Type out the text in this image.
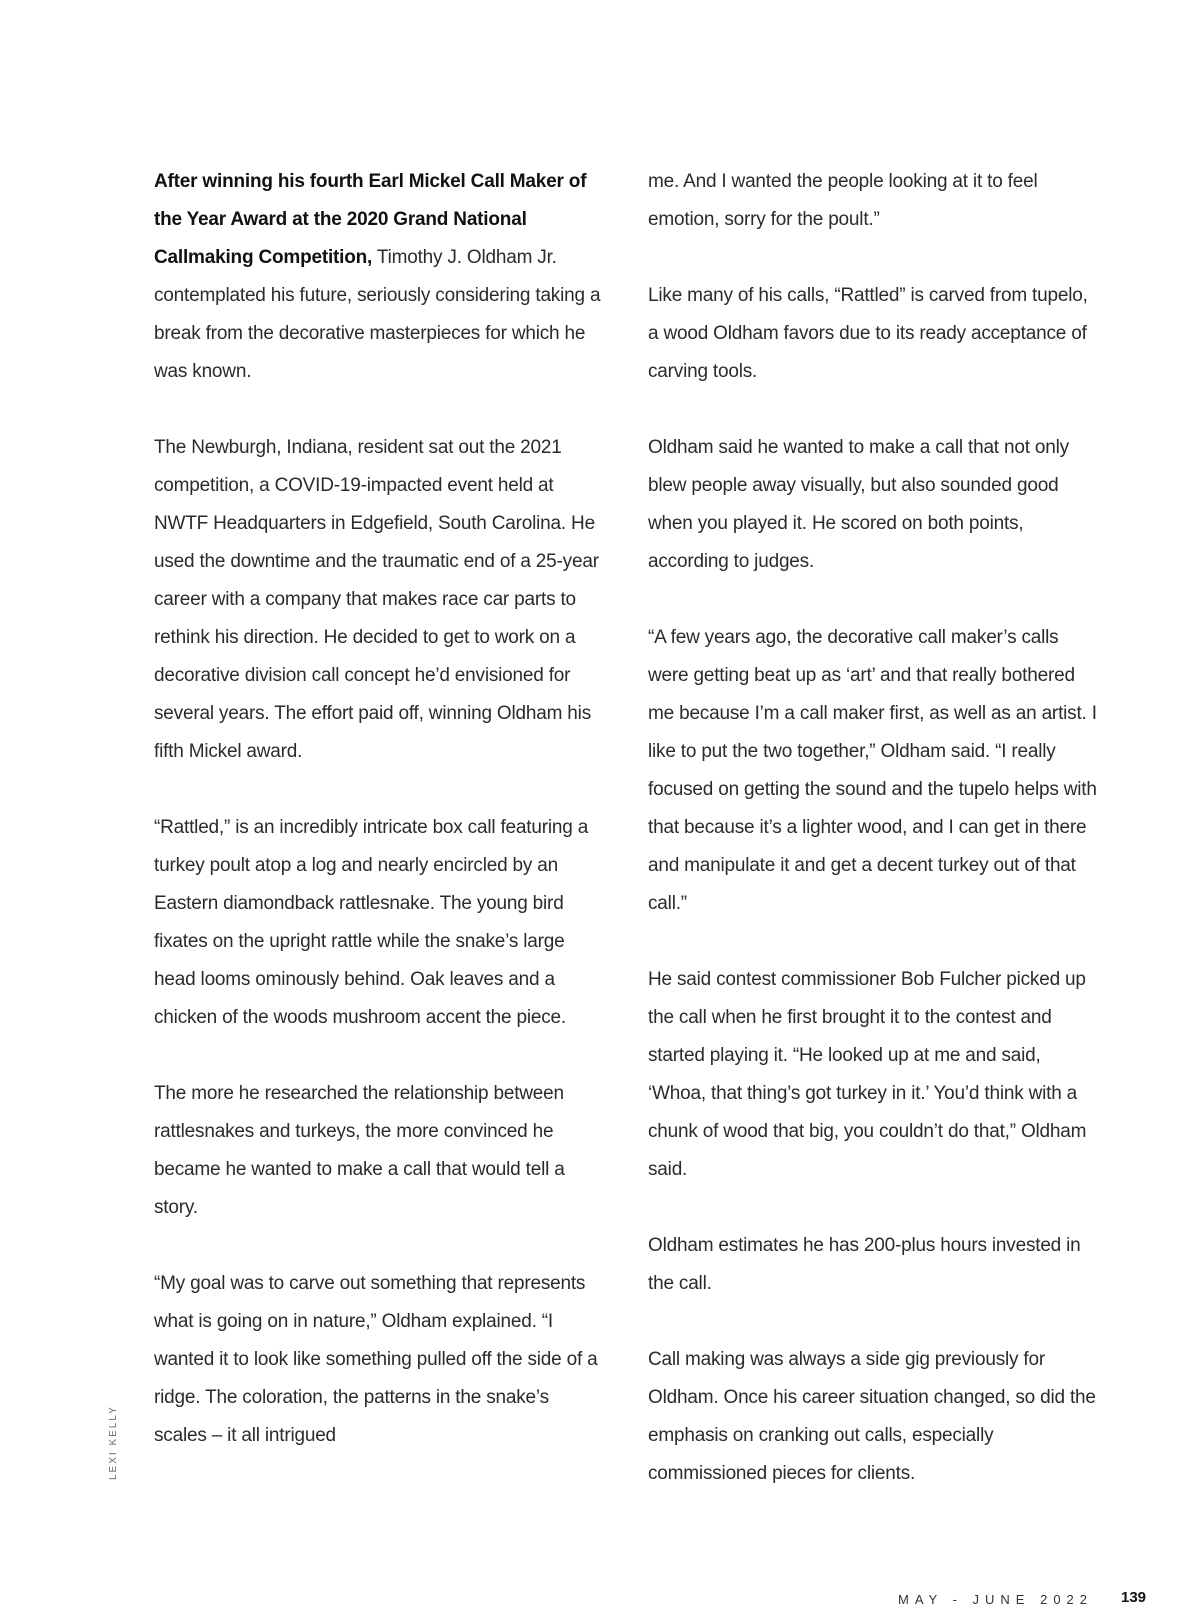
After winning his fourth Earl Mickel Call Maker of the Year Award at the 2020 Grand National Callmaking Competition, Timothy J. Oldham Jr. contemplated his future, seriously considering taking a break from the decorative masterpieces for which he was known.

The Newburgh, Indiana, resident sat out the 2021 competition, a COVID-19-impacted event held at NWTF Headquarters in Edgefield, South Carolina. He used the downtime and the traumatic end of a 25-year career with a company that makes race car parts to rethink his direction. He decided to get to work on a decorative division call concept he’d envisioned for several years. The effort paid off, winning Oldham his fifth Mickel award.

“Rattled,” is an incredibly intricate box call featuring a turkey poult atop a log and nearly encircled by an Eastern diamondback rattlesnake. The young bird fixates on the upright rattle while the snake’s large head looms ominously behind. Oak leaves and a chicken of the woods mushroom accent the piece.

The more he researched the relationship between rattlesnakes and turkeys, the more convinced he became he wanted to make a call that would tell a story.

“My goal was to carve out something that represents what is going on in nature,” Oldham explained. “I wanted it to look like something pulled off the side of a ridge. The coloration, the patterns in the snake’s scales – it all intrigued

me. And I wanted the people looking at it to feel emotion, sorry for the poult.”

Like many of his calls, “Rattled” is carved from tupelo, a wood Oldham favors due to its ready acceptance of carving tools.

Oldham said he wanted to make a call that not only blew people away visually, but also sounded good when you played it. He scored on both points, according to judges.

“A few years ago, the decorative call maker’s calls were getting beat up as ‘art’ and that really bothered me because I’m a call maker first, as well as an artist. I like to put the two together,” Oldham said. “I really focused on getting the sound and the tupelo helps with that because it’s a lighter wood, and I can get in there and manipulate it and get a decent turkey out of that call.”

He said contest commissioner Bob Fulcher picked up the call when he first brought it to the contest and started playing it. “He looked up at me and said, ‘Whoa, that thing’s got turkey in it.’ You’d think with a chunk of wood that big, you couldn’t do that,” Oldham said.

Oldham estimates he has 200-plus hours invested in the call.

Call making was always a side gig previously for Oldham. Once his career situation changed, so did the emphasis on cranking out calls, especially commissioned pieces for clients.

LEXI KELLY
MAY - JUNE 2022 139
